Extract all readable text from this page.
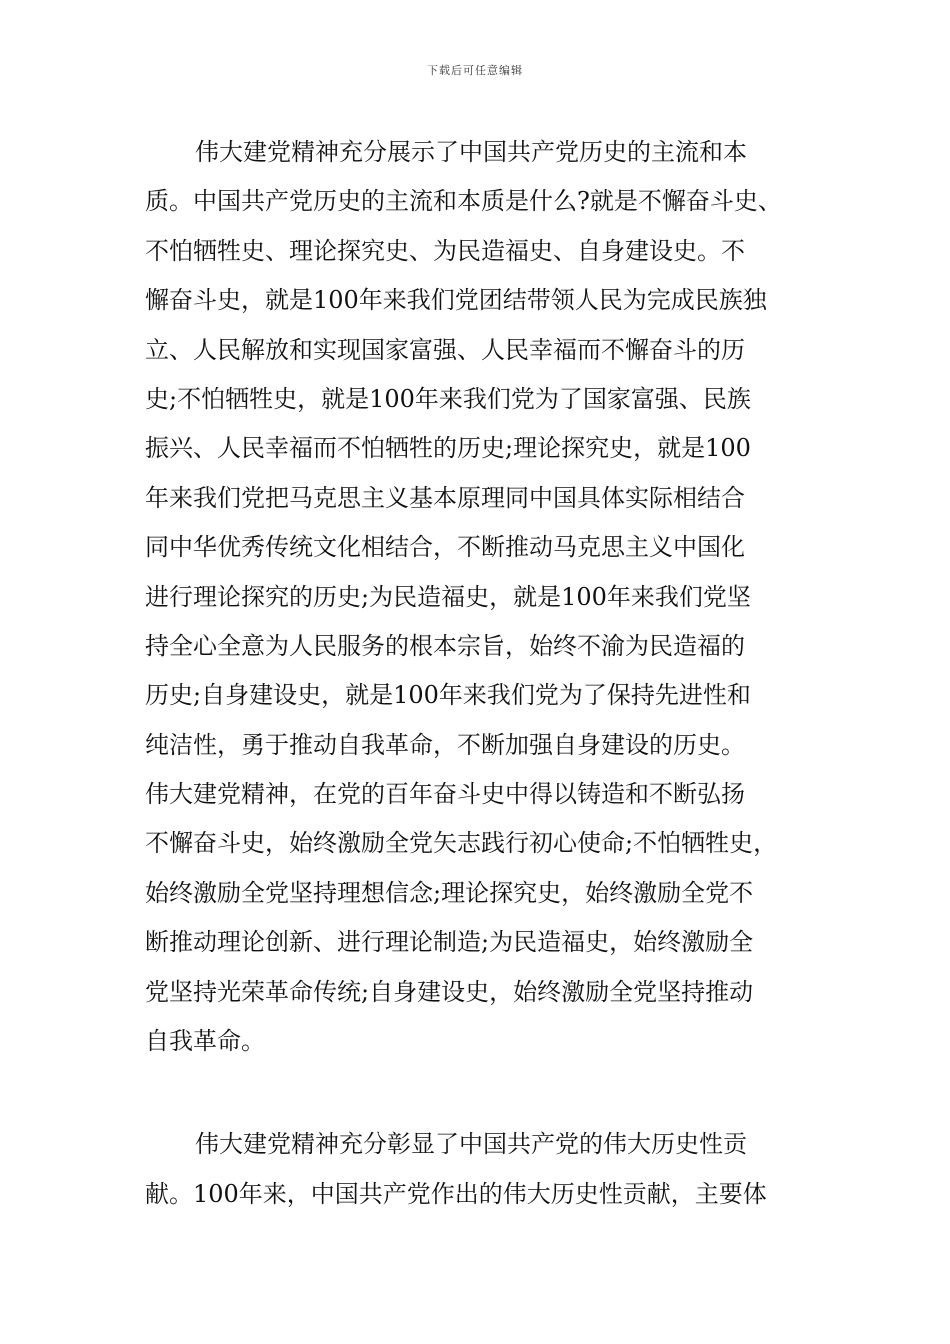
下载后可任意编辑
伟大建党精神充分展示了中国共产党历史的主流和本
质。中国共产党历史的主流和本质是什么?就是不懈奋斗史、
不怕牺牲史、理论探究史、为民造福史、自身建设史。不
懈奋斗史，就是100年来我们党团结带领人民为完成民族独
立、人民解放和实现国家富强、人民幸福而不懈奋斗的历
史;不怕牺牲史，就是100年来我们党为了国家富强、民族
振兴、人民幸福而不怕牺牲的历史;理论探究史，就是100
年来我们党把马克思主义基本原理同中国具体实际相结合
同中华优秀传统文化相结合，不断推动马克思主义中国化
进行理论探究的历史;为民造福史，就是100年来我们党坚
持全心全意为人民服务的根本宗旨，始终不渝为民造福的
历史;自身建设史，就是100年来我们党为了保持先进性和
纯洁性，勇于推动自我革命，不断加强自身建设的历史。
伟大建党精神，在党的百年奋斗史中得以铸造和不断弘扬
不懈奋斗史，始终激励全党矢志践行初心使命;不怕牺牲史，
始终激励全党坚持理想信念;理论探究史，始终激励全党不
断推动理论创新、进行理论制造;为民造福史，始终激励全
党坚持光荣革命传统;自身建设史，始终激励全党坚持推动
自我革命。
伟大建党精神充分彰显了中国共产党的伟大历史性贡
献。100年来，中国共产党作出的伟大历史性贡献，主要体
